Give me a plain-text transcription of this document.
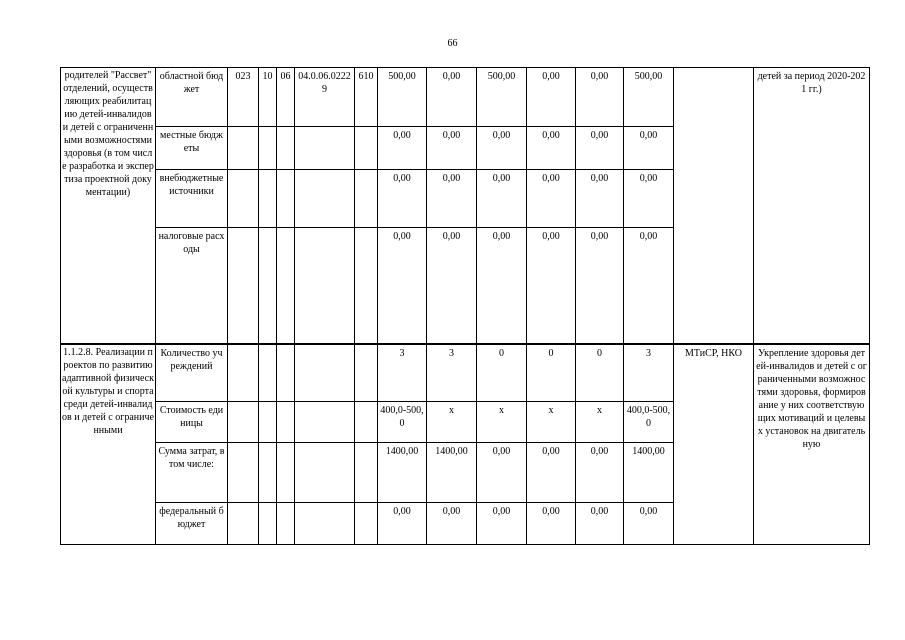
66
родителей "Рассвет" отделений, осуществляющих реабилитацию детей-инвалидов и детей с ограниченными возможностями здоровья (в том числе разработка и экспертиза проектной документации)	областной бюджет	023	10	06	04.0.06.02229	610	500,00	0,00	500,00	0,00	0,00	500,00		детей за период 2020-2021 гг.)
	местные бюджеты						0,00	0,00	0,00	0,00	0,00	0,00		
	внебюджетные источники						0,00	0,00	0,00	0,00	0,00	0,00		
	налоговые расходы						0,00	0,00	0,00	0,00	0,00	0,00		
1.1.2.8. Реализации проектов по развитию адаптивной физической культуры и спорта среди детей-инвалидов и детей с ограниченными	Количество учреждений						3	3	0	0	0	3	МТиСР, НКО	Укрепление здоровья детей-инвалидов и детей с ограниченными возможностями здоровья, формирование у них соответствующих мотиваций и целевых установок на двигательную
	Стоимость единицы						400,0-500,0	х	х	х	х	400,0-500,0		
	Сумма затрат, в том числе:						1400,00	1400,00	0,00	0,00	0,00	1400,00		
	федеральный бюджет						0,00	0,00	0,00	0,00	0,00	0,00		
